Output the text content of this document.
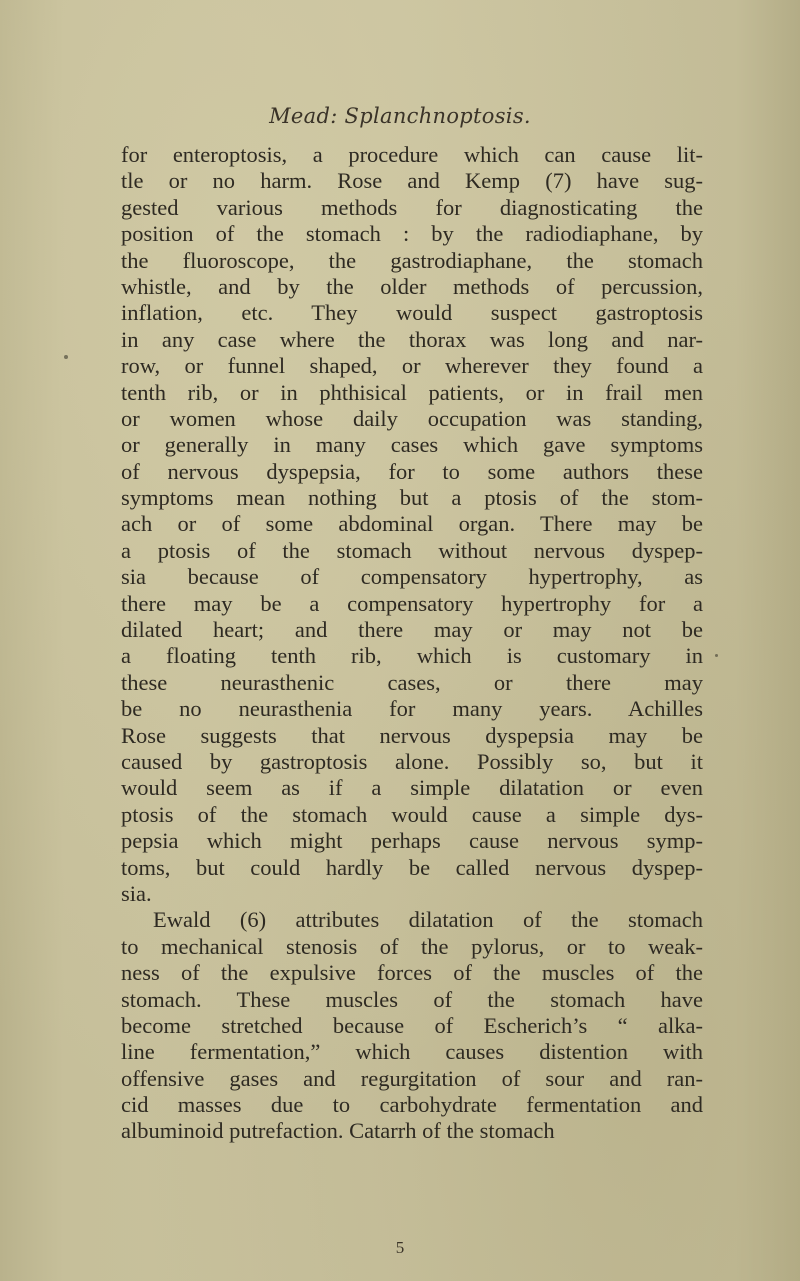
Mead: Splanchnoptosis.
for enteroptosis, a procedure which can cause lit-
tle or no harm. Rose and Kemp (7) have sug-
gested various methods for diagnosticating the
position of the stomach : by the radiodiaphane, by
the fluoroscope, the gastrodiaphane, the stomach
whistle, and by the older methods of percussion,
inflation, etc. They would suspect gastroptosis
in any case where the thorax was long and nar-
row, or funnel shaped, or wherever they found a
tenth rib, or in phthisical patients, or in frail men
or women whose daily occupation was standing,
or generally in many cases which gave symptoms
of nervous dyspepsia, for to some authors these
symptoms mean nothing but a ptosis of the stom-
ach or of some abdominal organ. There may be
a ptosis of the stomach without nervous dyspep-
sia because of compensatory hypertrophy, as
there may be a compensatory hypertrophy for a
dilated heart; and there may or may not be
a floating tenth rib, which is customary in
these neurasthenic cases, or there may
be no neurasthenia for many years. Achilles
Rose suggests that nervous dyspepsia may be
caused by gastroptosis alone. Possibly so, but it
would seem as if a simple dilatation or even
ptosis of the stomach would cause a simple dys-
pepsia which might perhaps cause nervous symp-
toms, but could hardly be called nervous dyspep-
sia.
Ewald (6) attributes dilatation of the stomach
to mechanical stenosis of the pylorus, or to weak-
ness of the expulsive forces of the muscles of the
stomach. These muscles of the stomach have
become stretched because of Escherich’s “ alka-
line fermentation,” which causes distention with
offensive gases and regurgitation of sour and ran-
cid masses due to carbohydrate fermentation and
albuminoid putrefaction. Catarrh of the stomach
5
